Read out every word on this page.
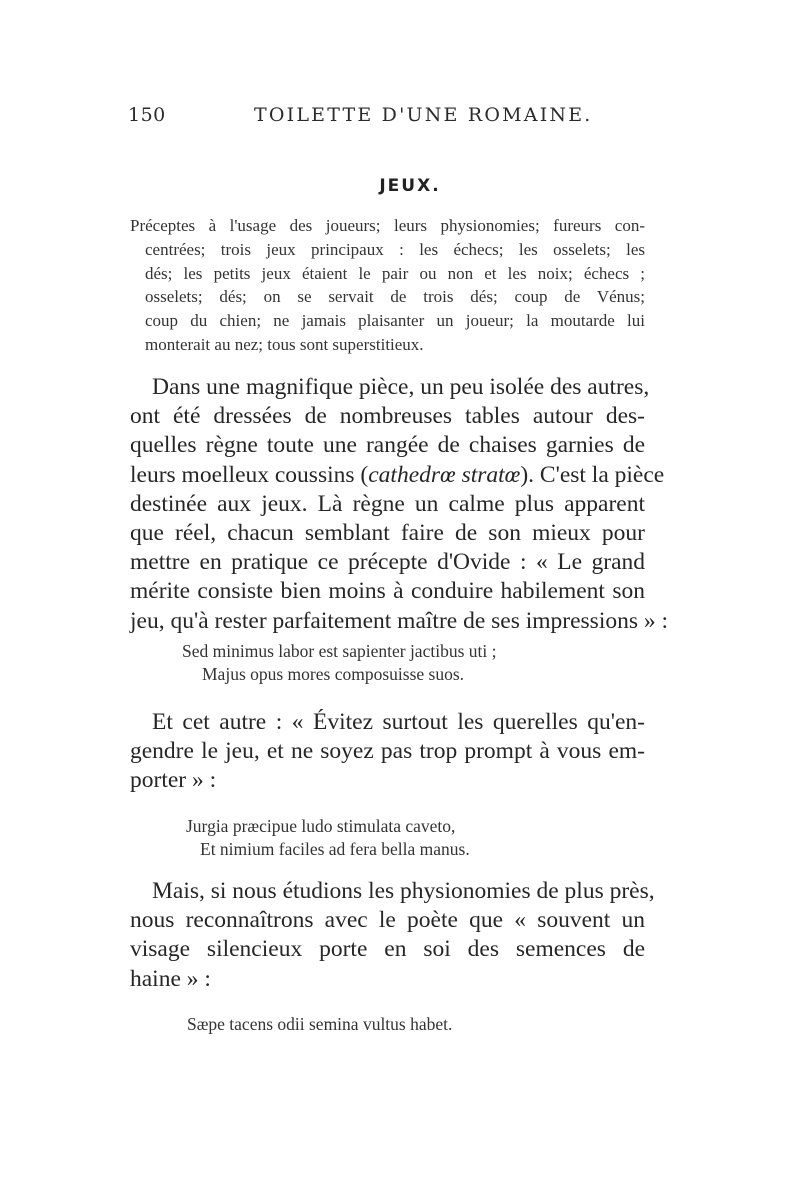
150	TOILETTE D'UNE ROMAINE.
JEUX.
Préceptes à l'usage des joueurs; leurs physionomies; fureurs con-
centrées; trois jeux principaux : les échecs; les osselets; les
dés; les petits jeux étaient le pair ou non et les noix; échecs ;
osselets; dés; on se servait de trois dés; coup de Vénus;
coup du chien; ne jamais plaisanter un joueur; la moutarde lui
monterait au nez; tous sont superstitieux.
Dans une magnifique pièce, un peu isolée des autres,
ont été dressées de nombreuses tables autour des-
quelles règne toute une rangée de chaises garnies de
leurs moelleux coussins (cathedrœ stratœ). C'est la pièce
destinée aux jeux. Là règne un calme plus apparent
que réel, chacun semblant faire de son mieux pour
mettre en pratique ce précepte d'Ovide : « Le grand
mérite consiste bien moins à conduire habilement son
jeu, qu'à rester parfaitement maître de ses impressions » :
Sed minimus labor est sapienter jactibus uti ;
Majus opus mores composuisse suos.
Et cet autre : « Évitez surtout les querelles qu'en-
gendre le jeu, et ne soyez pas trop prompt à vous em-
porter » :
Jurgia præcipue ludo stimulata caveto,
Et nimium faciles ad fera bella manus.
Mais, si nous étudions les physionomies de plus près,
nous reconnaîtrons avec le poète que « souvent un
visage silencieux porte en soi des semences de
haine » :
Sæpe tacens odii semina vultus habet.
